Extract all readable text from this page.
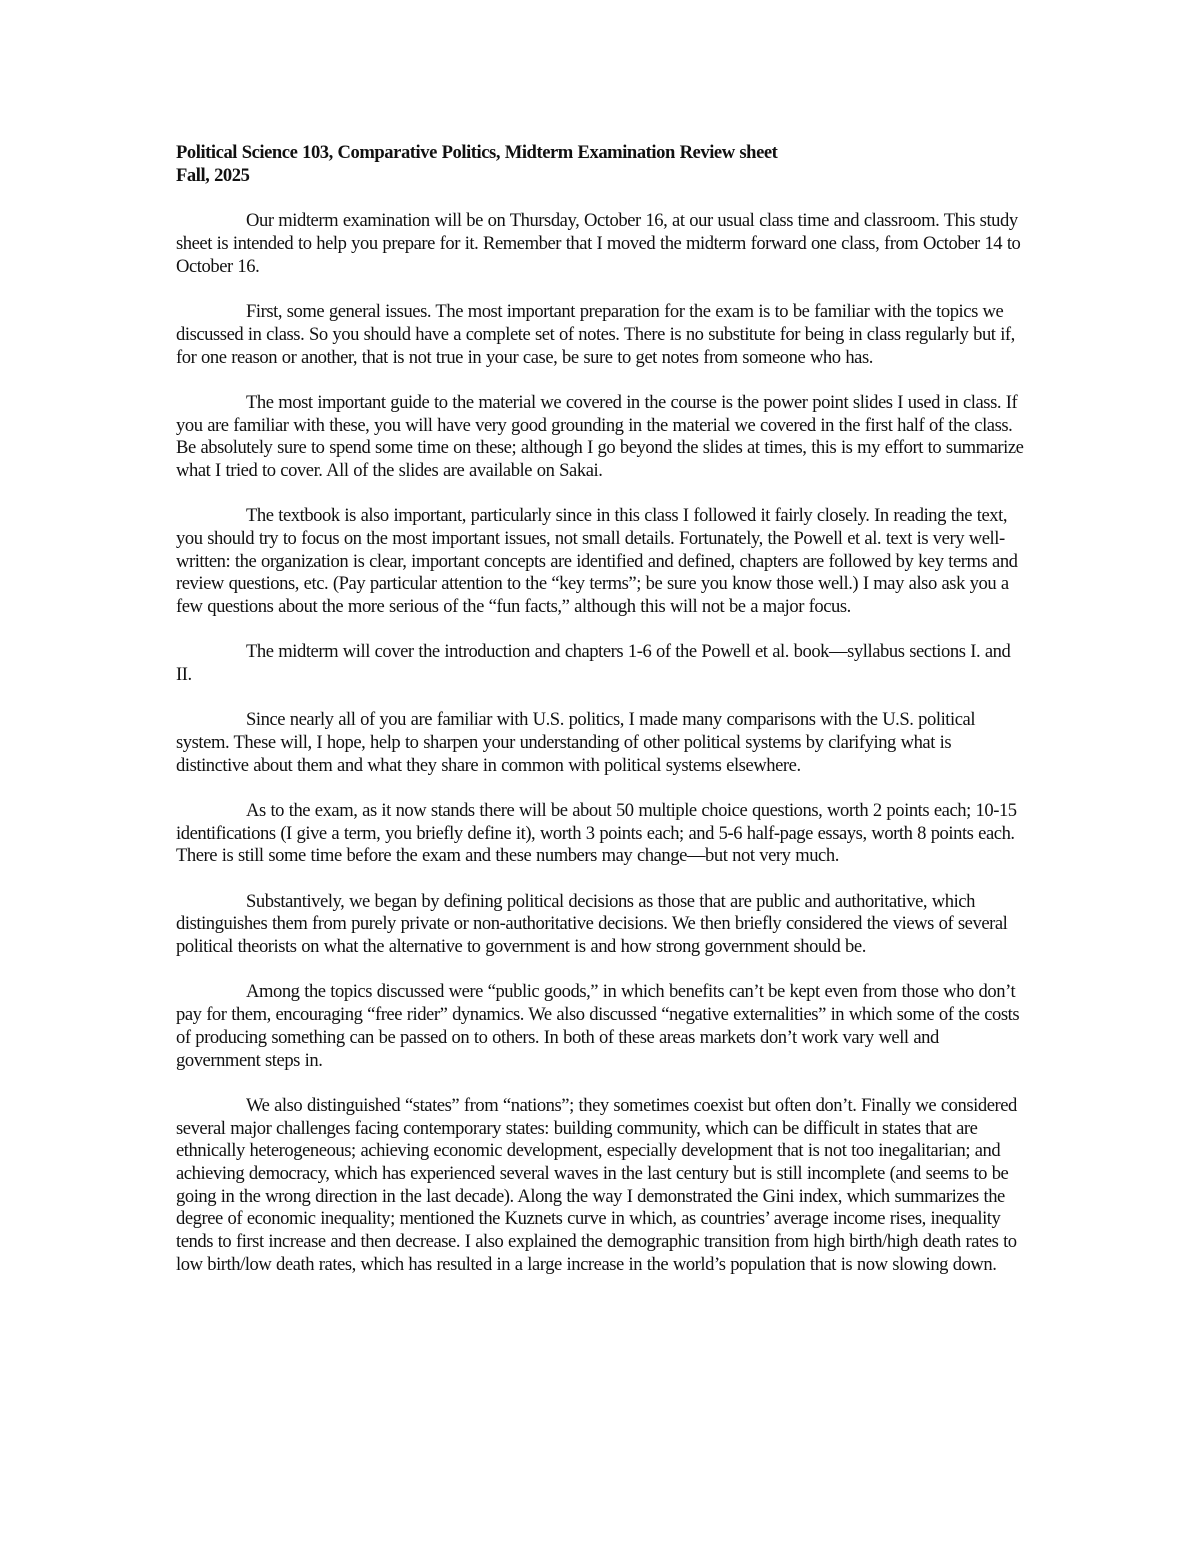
Political Science 103, Comparative Politics, Midterm Examination Review sheet
Fall, 2025

Our midterm examination will be on Thursday, October 16, at our usual class time and classroom. This study sheet is intended to help you prepare for it. Remember that I moved the midterm forward one class, from October 14 to October 16.

First, some general issues. The most important preparation for the exam is to be familiar with the topics we discussed in class. So you should have a complete set of notes. There is no substitute for being in class regularly but if, for one reason or another, that is not true in your case, be sure to get notes from someone who has.

The most important guide to the material we covered in the course is the power point slides I used in class. If you are familiar with these, you will have very good grounding in the material we covered in the first half of the class. Be absolutely sure to spend some time on these; although I go beyond the slides at times, this is my effort to summarize what I tried to cover. All of the slides are available on Sakai.

The textbook is also important, particularly since in this class I followed it fairly closely. In reading the text, you should try to focus on the most important issues, not small details. Fortunately, the Powell et al. text is very well-written: the organization is clear, important concepts are identified and defined, chapters are followed by key terms and review questions, etc. (Pay particular attention to the “key terms”; be sure you know those well.) I may also ask you a few questions about the more serious of the “fun facts,” although this will not be a major focus.

The midterm will cover the introduction and chapters 1-6 of the Powell et al. book—syllabus sections I. and II.

Since nearly all of you are familiar with U.S. politics, I made many comparisons with the U.S. political system. These will, I hope, help to sharpen your understanding of other political systems by clarifying what is distinctive about them and what they share in common with political systems elsewhere.

As to the exam, as it now stands there will be about 50 multiple choice questions, worth 2 points each; 10-15 identifications (I give a term, you briefly define it), worth 3 points each; and 5-6 half-page essays, worth 8 points each. There is still some time before the exam and these numbers may change—but not very much.

Substantively, we began by defining political decisions as those that are public and authoritative, which distinguishes them from purely private or non-authoritative decisions. We then briefly considered the views of several political theorists on what the alternative to government is and how strong government should be.

Among the topics discussed were “public goods,” in which benefits can’t be kept even from those who don’t pay for them, encouraging “free rider” dynamics. We also discussed “negative externalities” in which some of the costs of producing something can be passed on to others. In both of these areas markets don’t work vary well and government steps in.

We also distinguished “states” from “nations”; they sometimes coexist but often don’t. Finally we considered several major challenges facing contemporary states: building community, which can be difficult in states that are ethnically heterogeneous; achieving economic development, especially development that is not too inegalitarian; and achieving democracy, which has experienced several waves in the last century but is still incomplete (and seems to be going in the wrong direction in the last decade). Along the way I demonstrated the Gini index, which summarizes the degree of economic inequality; mentioned the Kuznets curve in which, as countries’ average income rises, inequality tends to first increase and then decrease. I also explained the demographic transition from high birth/high death rates to low birth/low death rates, which has resulted in a large increase in the world’s population that is now slowing down.
